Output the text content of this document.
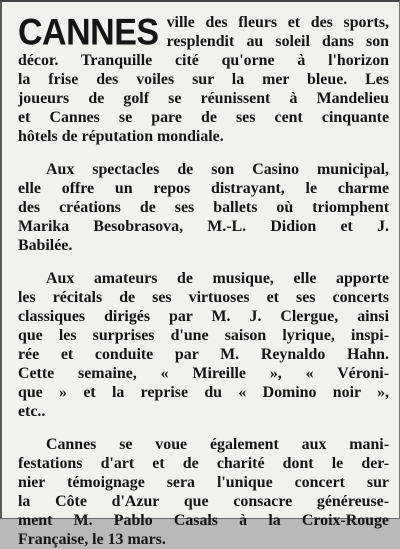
CANNES ville des fleurs et des sports,
resplendit au soleil dans son
décor. Tranquille cité qu'orne à l'horizon
la frise des voiles sur la mer bleue. Les
joueurs de golf se réunissent à Mandelieu
et Cannes se pare de ses cent cinquante
hôtels de réputation mondiale.
Aux spectacles de son Casino municipal,
elle offre un repos distrayant, le charme
des créations de ses ballets où triomphent
Marika Besobrasova, M.-L. Didion et J.
Babilée.
Aux amateurs de musique, elle apporte
les récitals de ses virtuoses et ses concerts
classiques dirigés par M. J. Clergue, ainsi
que les surprises d'une saison lyrique, inspi-
rée et conduite par M. Reynaldo Hahn.
Cette semaine, « Mireille », « Véroni-
que » et la reprise du « Domino noir »,
etc..
Cannes se voue également aux mani-
festations d'art et de charité dont le der-
nier témoignage sera l'unique concert sur
la Côte d'Azur que consacre généreuse-
ment M. Pablo Casals à la Croix-Rouge
Française, le 13 mars.
